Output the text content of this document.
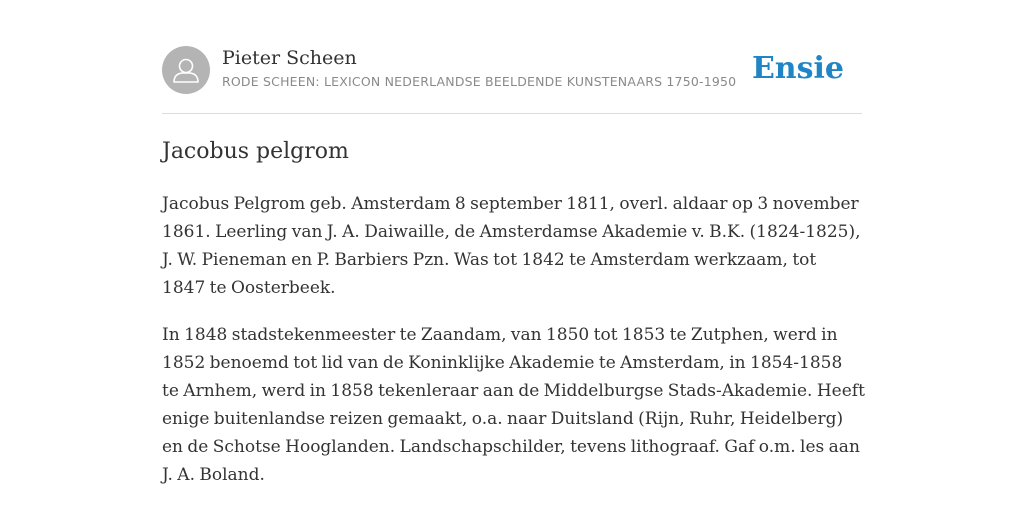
Pieter Scheen
RODE SCHEEN: LEXICON NEDERLANDSE BEELDENDE KUNSTENAARS 1750-1950 Ensie
Jacobus pelgrom

Jacobus Pelgrom geb. Amsterdam 8 september 1811, overl. aldaar op 3 november
1861. Leerling van J. A. Daiwaille, de Amsterdamse Akademie v. B.K. (1824-1825),
J. W. Pieneman en P. Barbiers Pzn. Was tot 1842 te Amsterdam werkzaam, tot
1847 te Oosterbeek.

In 1848 stadstekenmeester te Zaandam, van 1850 tot 1853 te Zutphen, werd in
1852 benoemd tot lid van de Koninklijke Akademie te Amsterdam, in 1854-1858
te Arnhem, werd in 1858 tekenleraar aan de Middelburgse Stads-Akademie. Heeft
enige buitenlandse reizen gemaakt, o.a. naar Duitsland (Rijn, Ruhr, Heidelberg)
en de Schotse Hooglanden. Landschapschilder, tevens lithograaf. Gaf o.m. les aan
J. A. Boland.
